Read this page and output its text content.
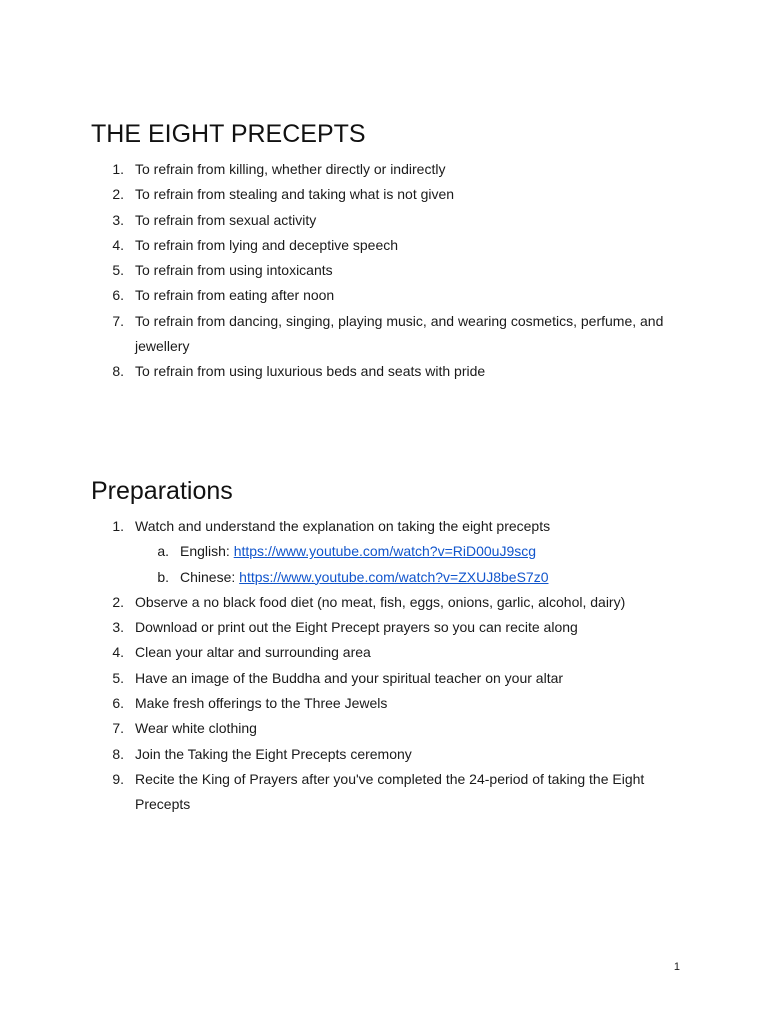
THE EIGHT PRECEPTS
1. To refrain from killing, whether directly or indirectly
2. To refrain from stealing and taking what is not given
3. To refrain from sexual activity
4. To refrain from lying and deceptive speech
5. To refrain from using intoxicants
6. To refrain from eating after noon
7. To refrain from dancing, singing, playing music, and wearing cosmetics, perfume, and jewellery
8. To refrain from using luxurious beds and seats with pride
Preparations
1. Watch and understand the explanation on taking the eight precepts
a. English: https://www.youtube.com/watch?v=RiD00uJ9scg
b. Chinese: https://www.youtube.com/watch?v=ZXUJ8beS7z0
2. Observe a no black food diet (no meat, fish, eggs, onions, garlic, alcohol, dairy)
3. Download or print out the Eight Precept prayers so you can recite along
4. Clean your altar and surrounding area
5. Have an image of the Buddha and your spiritual teacher on your altar
6. Make fresh offerings to the Three Jewels
7. Wear white clothing
8. Join the Taking the Eight Precepts ceremony
9. Recite the King of Prayers after you've completed the 24-period of taking the Eight Precepts
1
